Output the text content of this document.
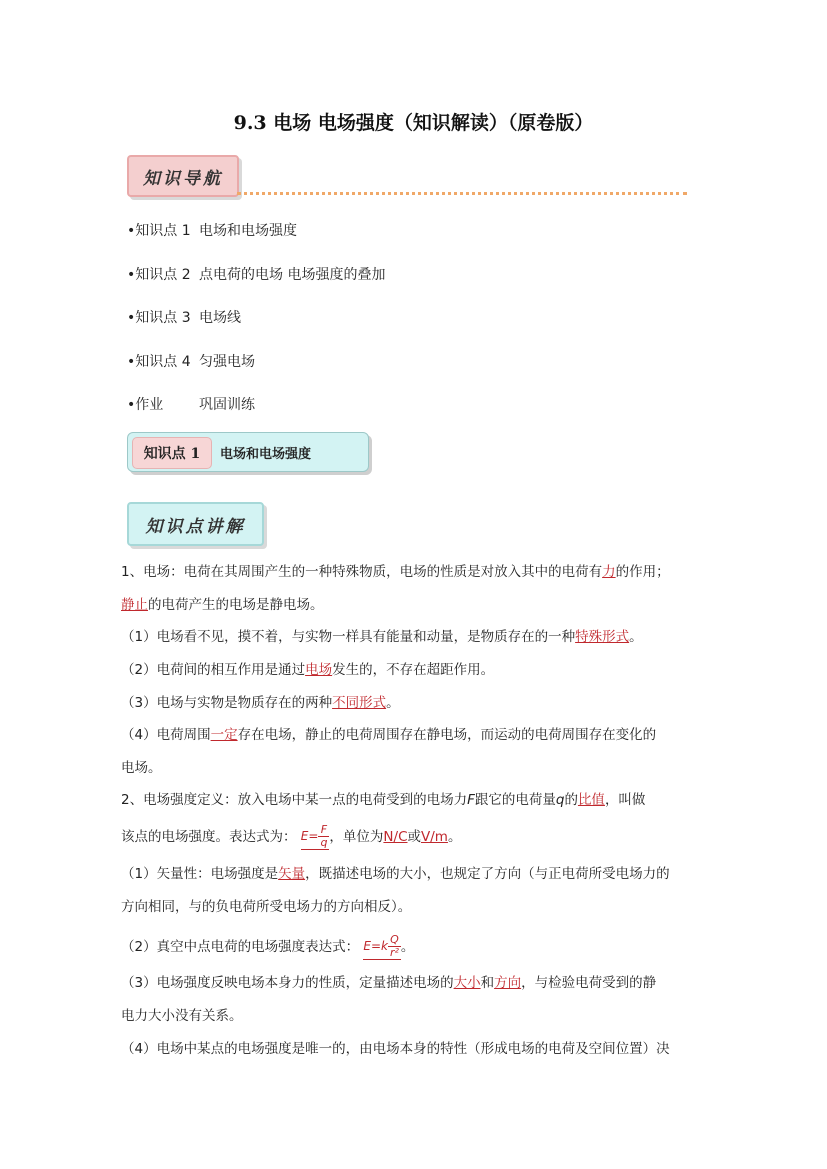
9.3 电场 电场强度（知识解读）（原卷版）
知识导航
•知识点 1 电场和电场强度
•知识点 2 点电荷的电场 电场强度的叠加
•知识点 3 电场线
•知识点 4 匀强电场
•作业	巩固训练
知识点 1	电场和电场强度
知识点讲解
1、电场：电荷在其周围产生的一种特殊物质，电场的性质是对放入其中的电荷有力的作用；
静止的电荷产生的电场是静电场。
（1）电场看不见，摸不着，与实物一样具有能量和动量，是物质存在的一种特殊形式。
（2）电荷间的相互作用是通过电场发生的，不存在超距作用。
（3）电场与实物是物质存在的两种不同形式。
（4）电荷周围一定存在电场，静止的电荷周围存在静电场，而运动的电荷周围存在变化的
电场。
2、电场强度定义：放入电场中某一点的电荷受到的电场力F跟它的电荷量q的比值，叫做
该点的电场强度。表达式为： $E= \frac{F}{q}$ ，单位为N/C或V/m。
（1）矢量性：电场强度是矢量，既描述电场的大小，也规定了方向（与正电荷所受电场力的
方向相同，与的负电荷所受电场力的方向相反）。
（2）真空中点电荷的电场强度表达式： $E=k \frac{Q}{\text{r²}}$ 。
（3）电场强度反映电场本身力的性质，定量描述电场的大小和方向，与检验电荷受到的静
电力大小没有关系。
（4）电场中某点的电场强度是唯一的，由电场本身的特性（形成电场的电荷及空间位置）决
